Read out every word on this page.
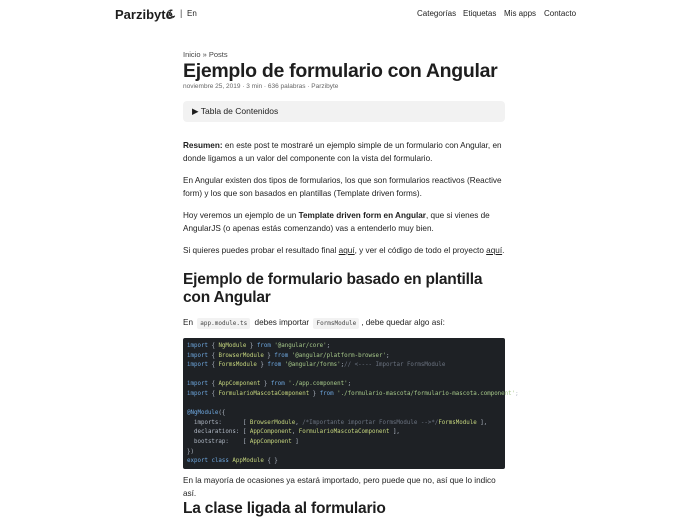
Parzibyte | En	Categorías Etiquetas Mis apps Contacto
Inicio » Posts
Ejemplo de formulario con Angular
noviembre 25, 2019 · 3 min · 636 palabras · Parzibyte
▶ Tabla de Contenidos
Resumen: en este post te mostraré un ejemplo simple de un formulario con Angular, en donde ligamos a un valor del componente con la vista del formulario.
En Angular existen dos tipos de formularios, los que son formularios reactivos (Reactive form) y los que son basados en plantillas (Template driven forms).
Hoy veremos un ejemplo de un Template driven form en Angular, que si vienes de AngularJS (o apenas estás comenzando) vas a entenderlo muy bien.
Si quieres puedes probar el resultado final aquí, y ver el código de todo el proyecto aquí.
Ejemplo de formulario basado en plantilla con Angular
En app.module.ts debes importar FormsModule , debe quedar algo así:
En la mayoría de ocasiones ya estará importado, pero puede que no, así que lo indico así.
La clase ligada al formulario
import { NgModule } from '@angular/core';
import { BrowserModule } from '@angular/platform-browser';
import { FormsModule } from '@angular/forms';// <---- Importar FormsModule
import { AppComponent } from './app.component';
import { FormularioMascotaComponent } from './formulario-mascota/formulario-mascota.component';
@NgModule({
imports:      [ BrowserModule, /*Importante importar FormsModule -->*/FormsModule ],
declarations: [ AppComponent, FormularioMascotaComponent ],
bootstrap:    [ AppComponent ]
})
export class AppModule { }
